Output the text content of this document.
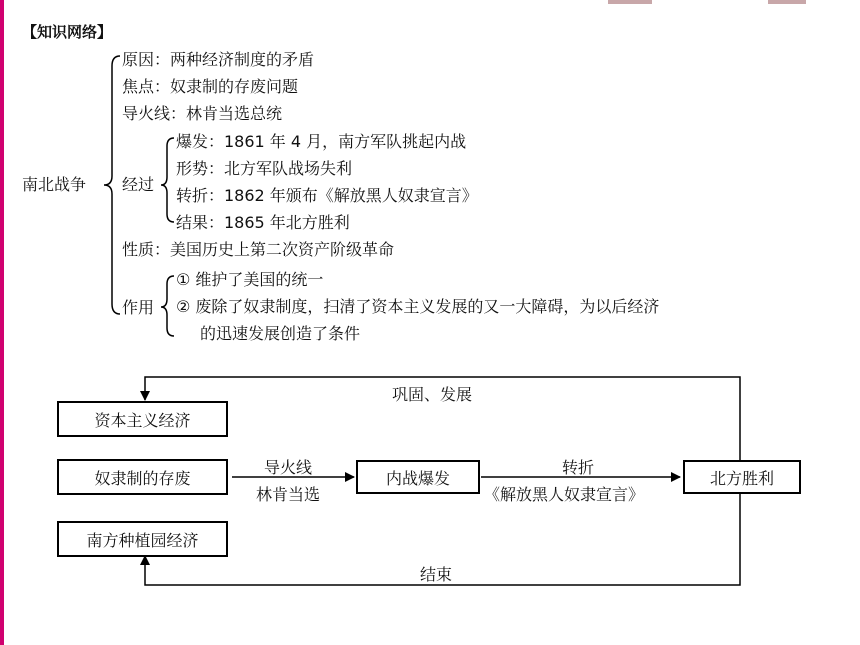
【知识网络】
南北战争
原因：两种经济制度的矛盾
焦点：奴隶制的存废问题
导火线：林肯当选总统
经过
爆发：1861 年 4 月，南方军队挑起内战
形势：北方军队战场失利
转折：1862 年颁布《解放黑人奴隶宣言》
结果：1865 年北方胜利
性质：美国历史上第二次资产阶级革命
作用
① 维护了美国的统一
② 废除了奴隶制度，扫清了资本主义发展的又一大障碍，为以后经济
的迅速发展创造了条件
资本主义经济
奴隶制的存废
南方种植园经济
内战爆发	北方胜利
巩固、发展
导火线
林肯当选
转折
《解放黑人奴隶宣言》
结束
